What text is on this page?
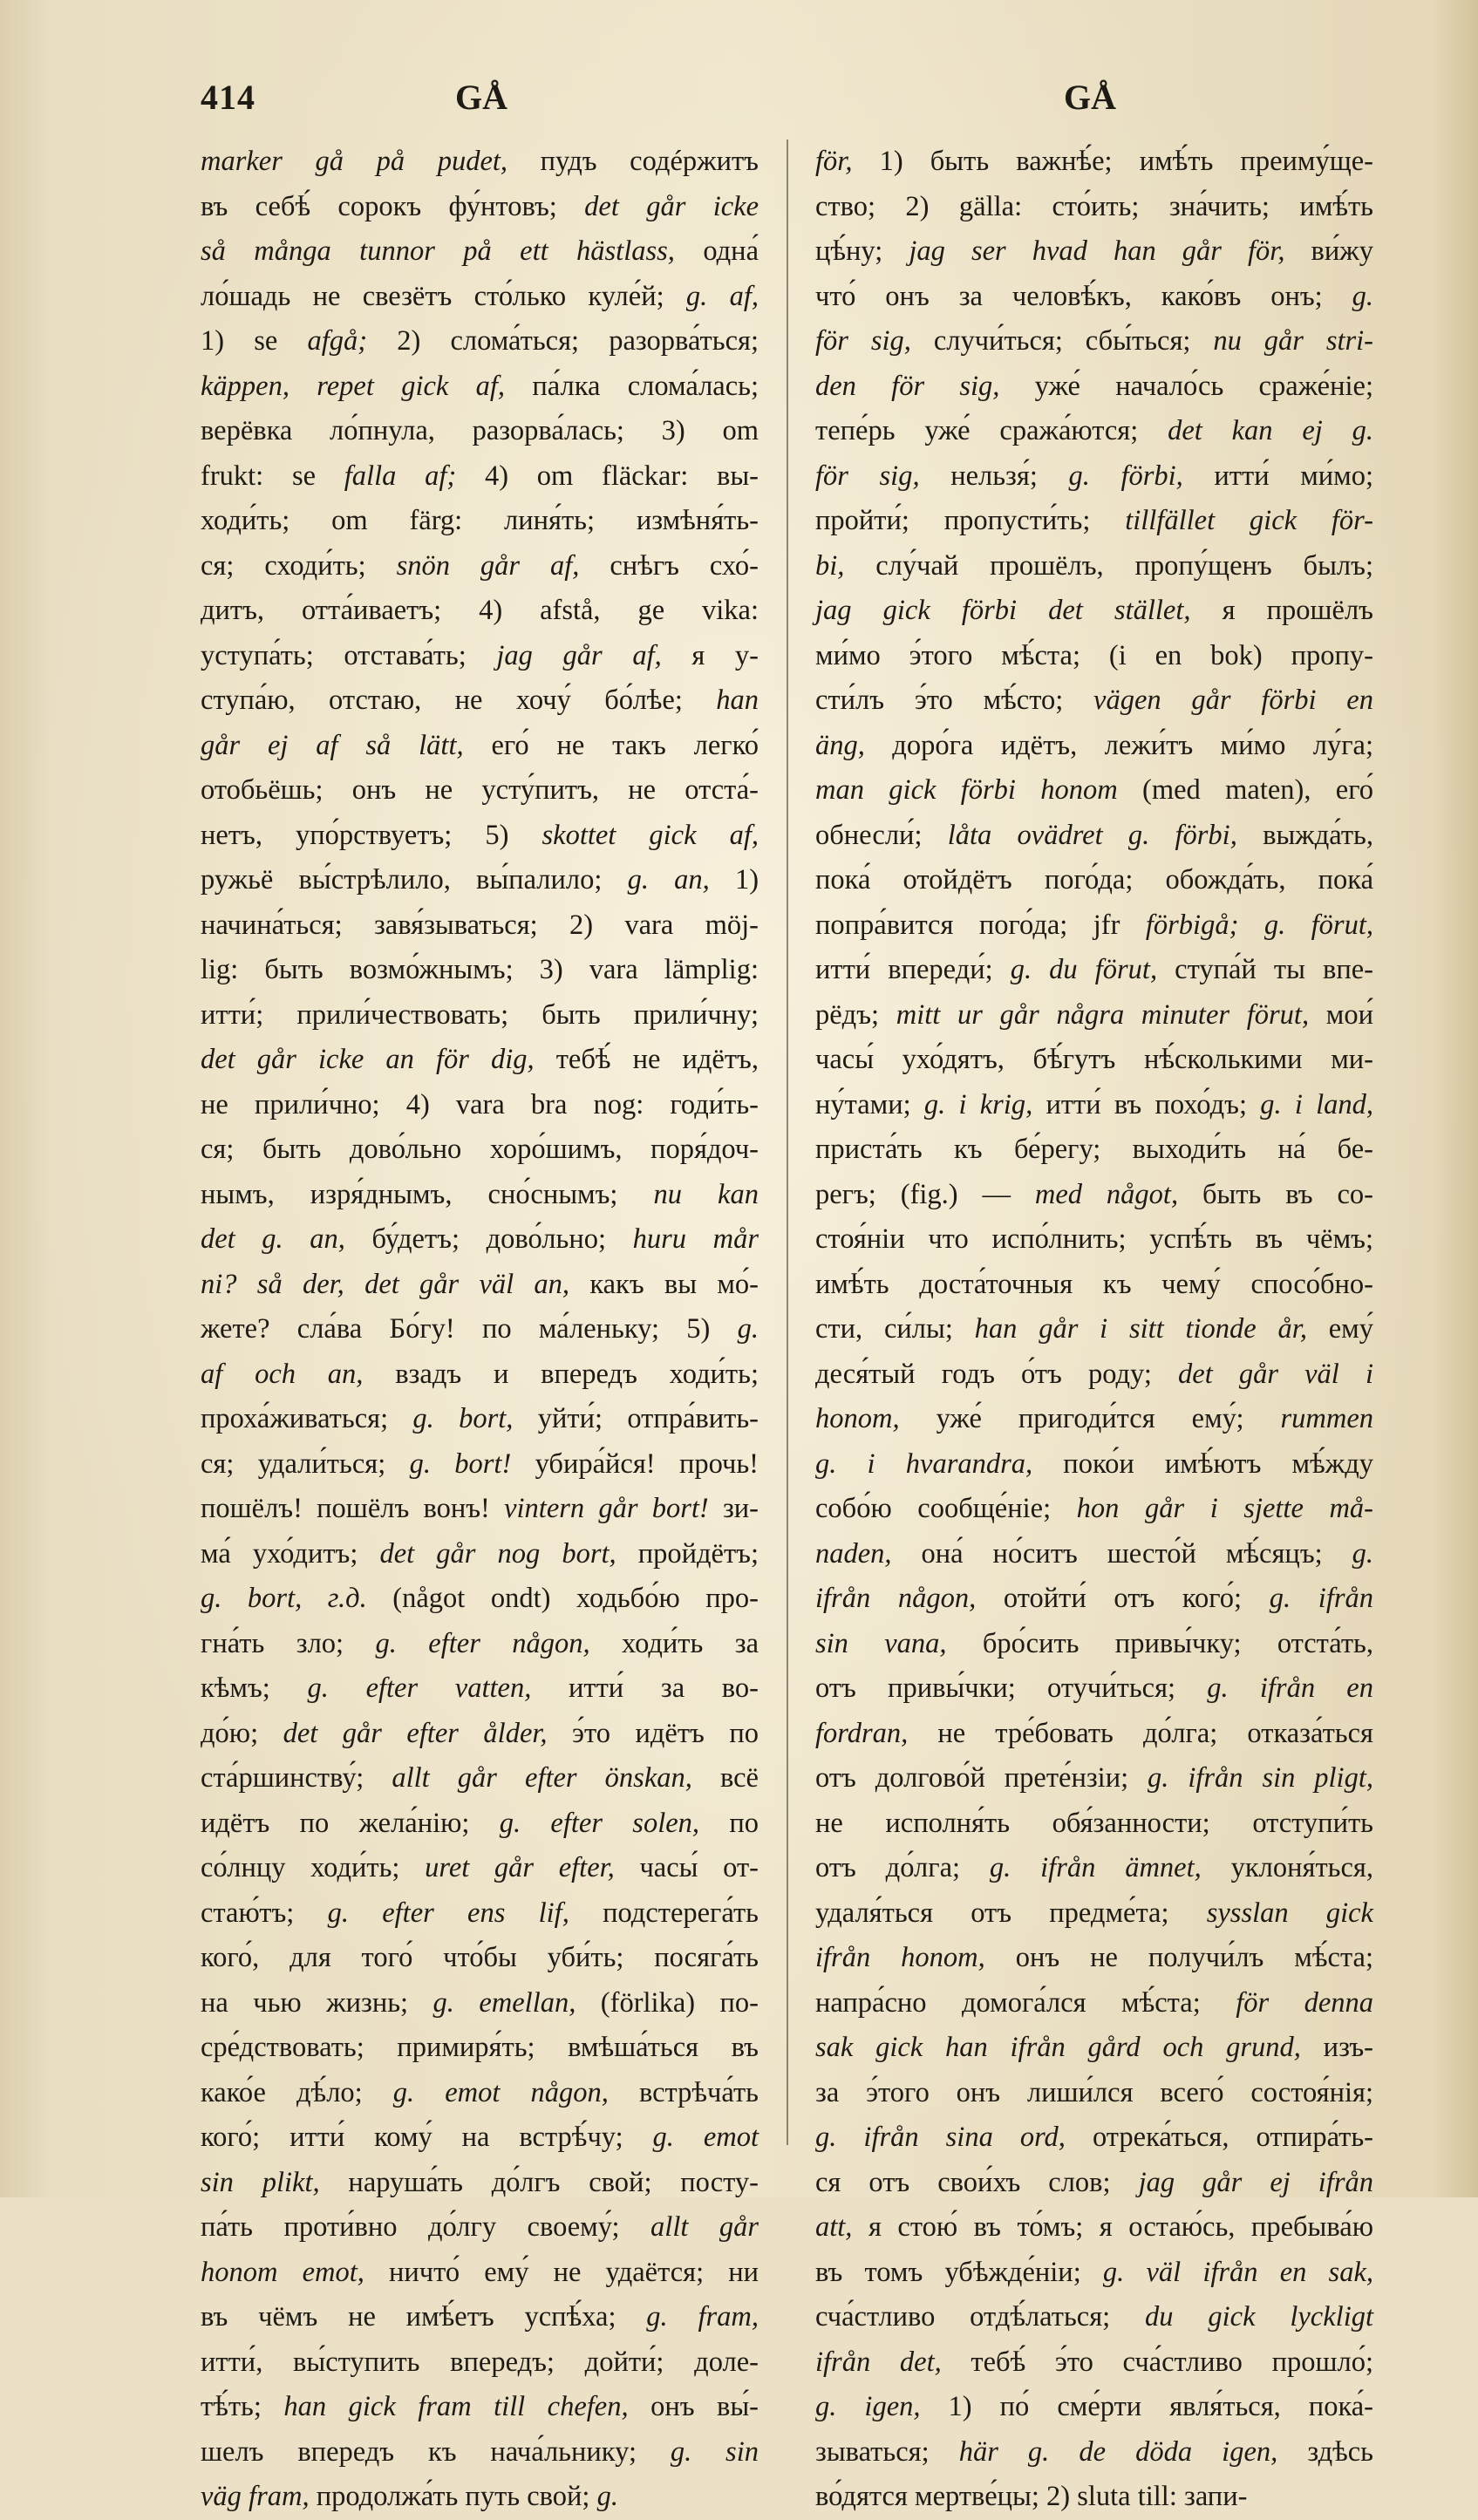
414	GÅ	GÅ

marker gå på pudet, пудъ содéржитъ

въ себѣ́ сорокъ фу́нтовъ; det går icke

så många tunnor på ett hästlass, одна́

ло́шадь не свезётъ сто́лько куле́й; g. af,

1) se afgå; 2) слома́ться; разорва́ться;

käppen, repet gick af, па́лка слома́лась;

верёвка ло́пнула, разорва́лась; 3) om

frukt: se falla af; 4) om fläckar: вы-

ходи́ть; om färg: линя́ть; измѣня́ть-

ся; сходи́ть; snön går af, снѣгъ схо́-

дитъ, отта́иваетъ; 4) afstå, ge vika:

уступа́ть; отстава́ть; jag går af, я у-

ступа́ю, отстаю, не хочу́ бо́лѣе; han

går ej af så lätt, его́ не такъ легко́

отобьёшь; онъ не усту́питъ, не отста́-

нетъ, упо́рствуетъ; 5) skottet gick af,

ружьё вы́стрѣлило, вы́палило; g. an, 1)

начина́ться; завя́зываться; 2) vara möj-

lig: быть возмо́жнымъ; 3) vara lämplig:

итти́; прили́чествовать; быть прили́чну;

det går icke an för dig, тебѣ́ не идётъ,

не прили́чно; 4) vara bra nog: годи́ть-

ся; быть дово́льно хоро́шимъ, поря́доч-

нымъ, изря́днымъ, сно́снымъ; nu kan

det g. an, бу́детъ; дово́льно; huru mår

ni? så der, det går väl an, какъ вы мо́-

жете? сла́ва Бо́гу! по ма́леньку; 5) g.

af och an, взадъ и впередъ ходи́ть;

проха́живаться; g. bort, уйти́; отпра́вить-

ся; удали́ться; g. bort! убира́йся! прочь!

пошёлъ! пошёлъ вонъ! vintern går bort! зи-

ма́ ухо́дитъ; det går nog bort, пройдётъ;

g. bort, г.д. (något ondt) ходьбо́ю про-

гна́ть зло; g. efter någon, ходи́ть за

кѣмъ; g. efter vatten, итти́ за во-

до́ю; det går efter ålder, э́то идётъ по

ста́ршинству́; allt går efter önskan, всё

идётъ по жела́нію; g. efter solen, по

со́лнцу ходи́ть; uret går efter, часы́ от-

стаю́тъ; g. efter ens lif, подстерега́ть

кого́, для того́ что́бы уби́ть; посяга́ть

на чью жизнь; g. emellan, (förlika) по-

сре́дствовать; примиря́ть; вмѣша́ться въ

како́е дѣ́ло; g. emot någon, встрѣча́ть

кого́; итти́ кому́ на встрѣ́чу; g. emot

sin plikt, наруша́ть до́лгъ свой; посту-

па́ть проти́вно до́лгу своему́; allt går

honom emot, ничто́ ему́ не удаётся; ни

въ чёмъ не имѣ́етъ успѣ́ха; g. fram,

итти́, вы́ступить впередъ; дойти́; доле-

тѣ́ть; han gick fram till chefen, онъ вы́-

шелъ впередъ къ нача́льнику; g. sin

väg fram, продолжа́ть путь свой; g.

för, 1) быть важнѣ́е; имѣ́ть преиму́ще-

ство; 2) gälla: сто́ить; зна́чить; имѣ́ть

цѣ́ну; jag ser hvad han går för, ви́жу

что́ онъ за человѣ́къ, како́въ онъ; g.

för sig, случи́ться; сбы́ться; nu går stri-

den för sig, уже́ начало́сь сраже́ніе;

тепе́рь уже́ сража́ются; det kan ej g.

för sig, нельзя́; g. förbi, итти́ ми́мо;

пройти́; пропусти́ть; tillfället gick för-

bi, слу́чай прошёлъ, пропу́щенъ былъ;

jag gick förbi det stället, я прошёлъ

ми́мо э́того мѣ́ста; (i en bok) пропу-

сти́лъ э́то мѣ́сто; vägen går förbi en

äng, доро́га идётъ, лежи́тъ ми́мо лу́га;

man gick förbi honom (med maten), его́

обнесли́; låta ovädret g. förbi, выжда́ть,

пока́ отойдётъ пого́да; обожда́ть, пока́

попра́вится пого́да; jfr förbigå; g. förut,

итти́ впереди́; g. du förut, ступа́й ты впе-

рёдъ; mitt ur går några minuter förut, мои́

часы́ ухо́дятъ, бѣ́гутъ нѣ́сколькими ми-

ну́тами; g. i krig, итти́ въ похо́дъ; g. i land,

приста́ть къ бе́регу; выходи́ть на́ бе-

регъ; (fig.) — med något, быть въ со-

стоя́ніи что испо́лнить; успѣ́ть въ чёмъ;

имѣ́ть доста́точныя къ чему́ спосо́бно-

сти, си́лы; han går i sitt tionde år, ему́

деся́тый годъ о́тъ роду; det går väl i

honom, уже́ пригоди́тся ему́; rummen

g. i hvarandra, поко́и имѣ́ютъ мѣ́жду

собо́ю сообще́ніе; hon går i sjette må-

naden, она́ но́ситъ шесто́й мѣ́сяцъ; g.

ifrån någon, отойти́ отъ кого́; g. ifrån

sin vana, бро́сить привы́чку; отста́ть,

отъ привы́чки; отучи́ться; g. ifrån en

fordran, не тре́бовать до́лга; отказа́ться

отъ долгово́й прете́нзіи; g. ifrån sin pligt,

не исполня́ть обя́занности; отступи́ть

отъ до́лга; g. ifrån ämnet, уклоня́ться,

удаля́ться отъ предме́та; sysslan gick

ifrån honom, онъ не получи́лъ мѣ́ста;

напра́сно домога́лся мѣ́ста; för denna

sak gick han ifrån gård och grund, изъ-

за э́того онъ лиши́лся всего́ состоя́нія;

g. ifrån sina ord, отрека́ться, отпира́ть-

ся отъ свои́хъ слов; jag går ej ifrån

att, я стою́ въ то́мъ; я остаю́сь, пребыва́ю

въ томъ убѣжде́ніи; g. väl ifrån en sak,

сча́стливо отдѣ́латься; du gick lyckligt

ifrån det, тебѣ́ э́то сча́стливо прошло́;

g. igen, 1) по́ сме́рти явля́ться, пока́-

зываться; här g. de döda igen, здѣсь

во́дятся мертве́цы; 2) sluta till: запи-
